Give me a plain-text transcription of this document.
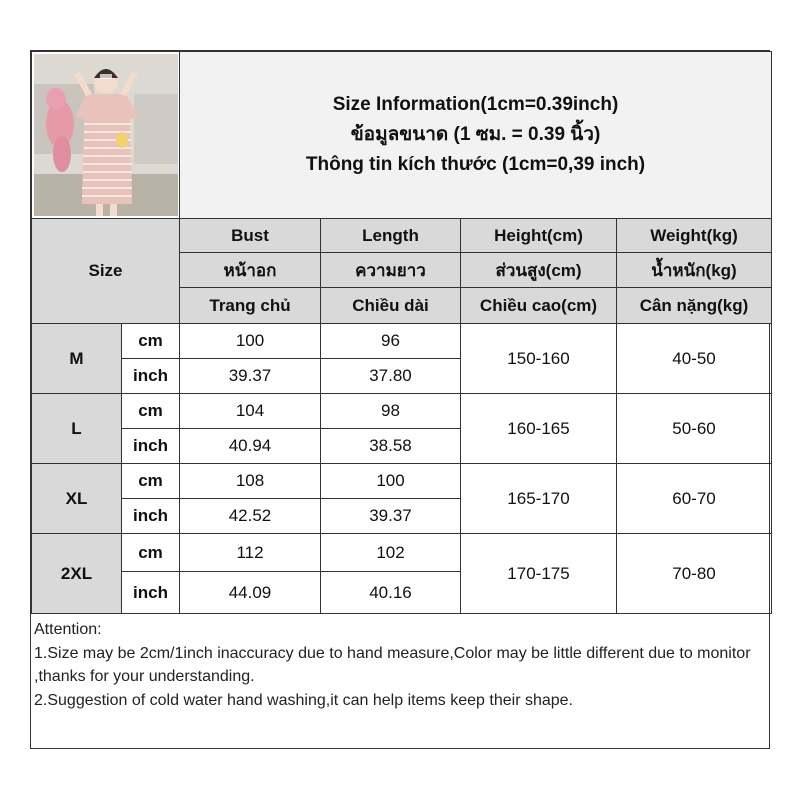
Size Information(1cm=0.39inch)
ข้อมูลขนาด (1 ซม. = 0.39 นิ้ว)
Thông tin kích thước (1cm=0,39 inch)			

Size		Bust	Length	Height(cm)	Weight(kg)
		หน้าอก	ความยาว	ส่วนสูง(cm)	น้ำหนัก(kg)
		Trang chủ	Chiều dài	Chiều cao(cm)	Cân nặng(kg)
M	cm	100	96	150-160	40-50
	inch	39.37	37.80		
L	cm	104	98	160-165	50-60
	inch	40.94	38.58		
XL	cm	108	100	165-170	60-70
	inch	42.52	39.37		
2XL	cm	112	102	170-175	70-80
	inch	44.09	40.16		
Attention:
1.Size may be 2cm/1inch inaccuracy due to hand measure,Color may be little different due to monitor ,thanks for your understanding.
2.Suggestion of cold water hand washing,it can help items keep their shape.
